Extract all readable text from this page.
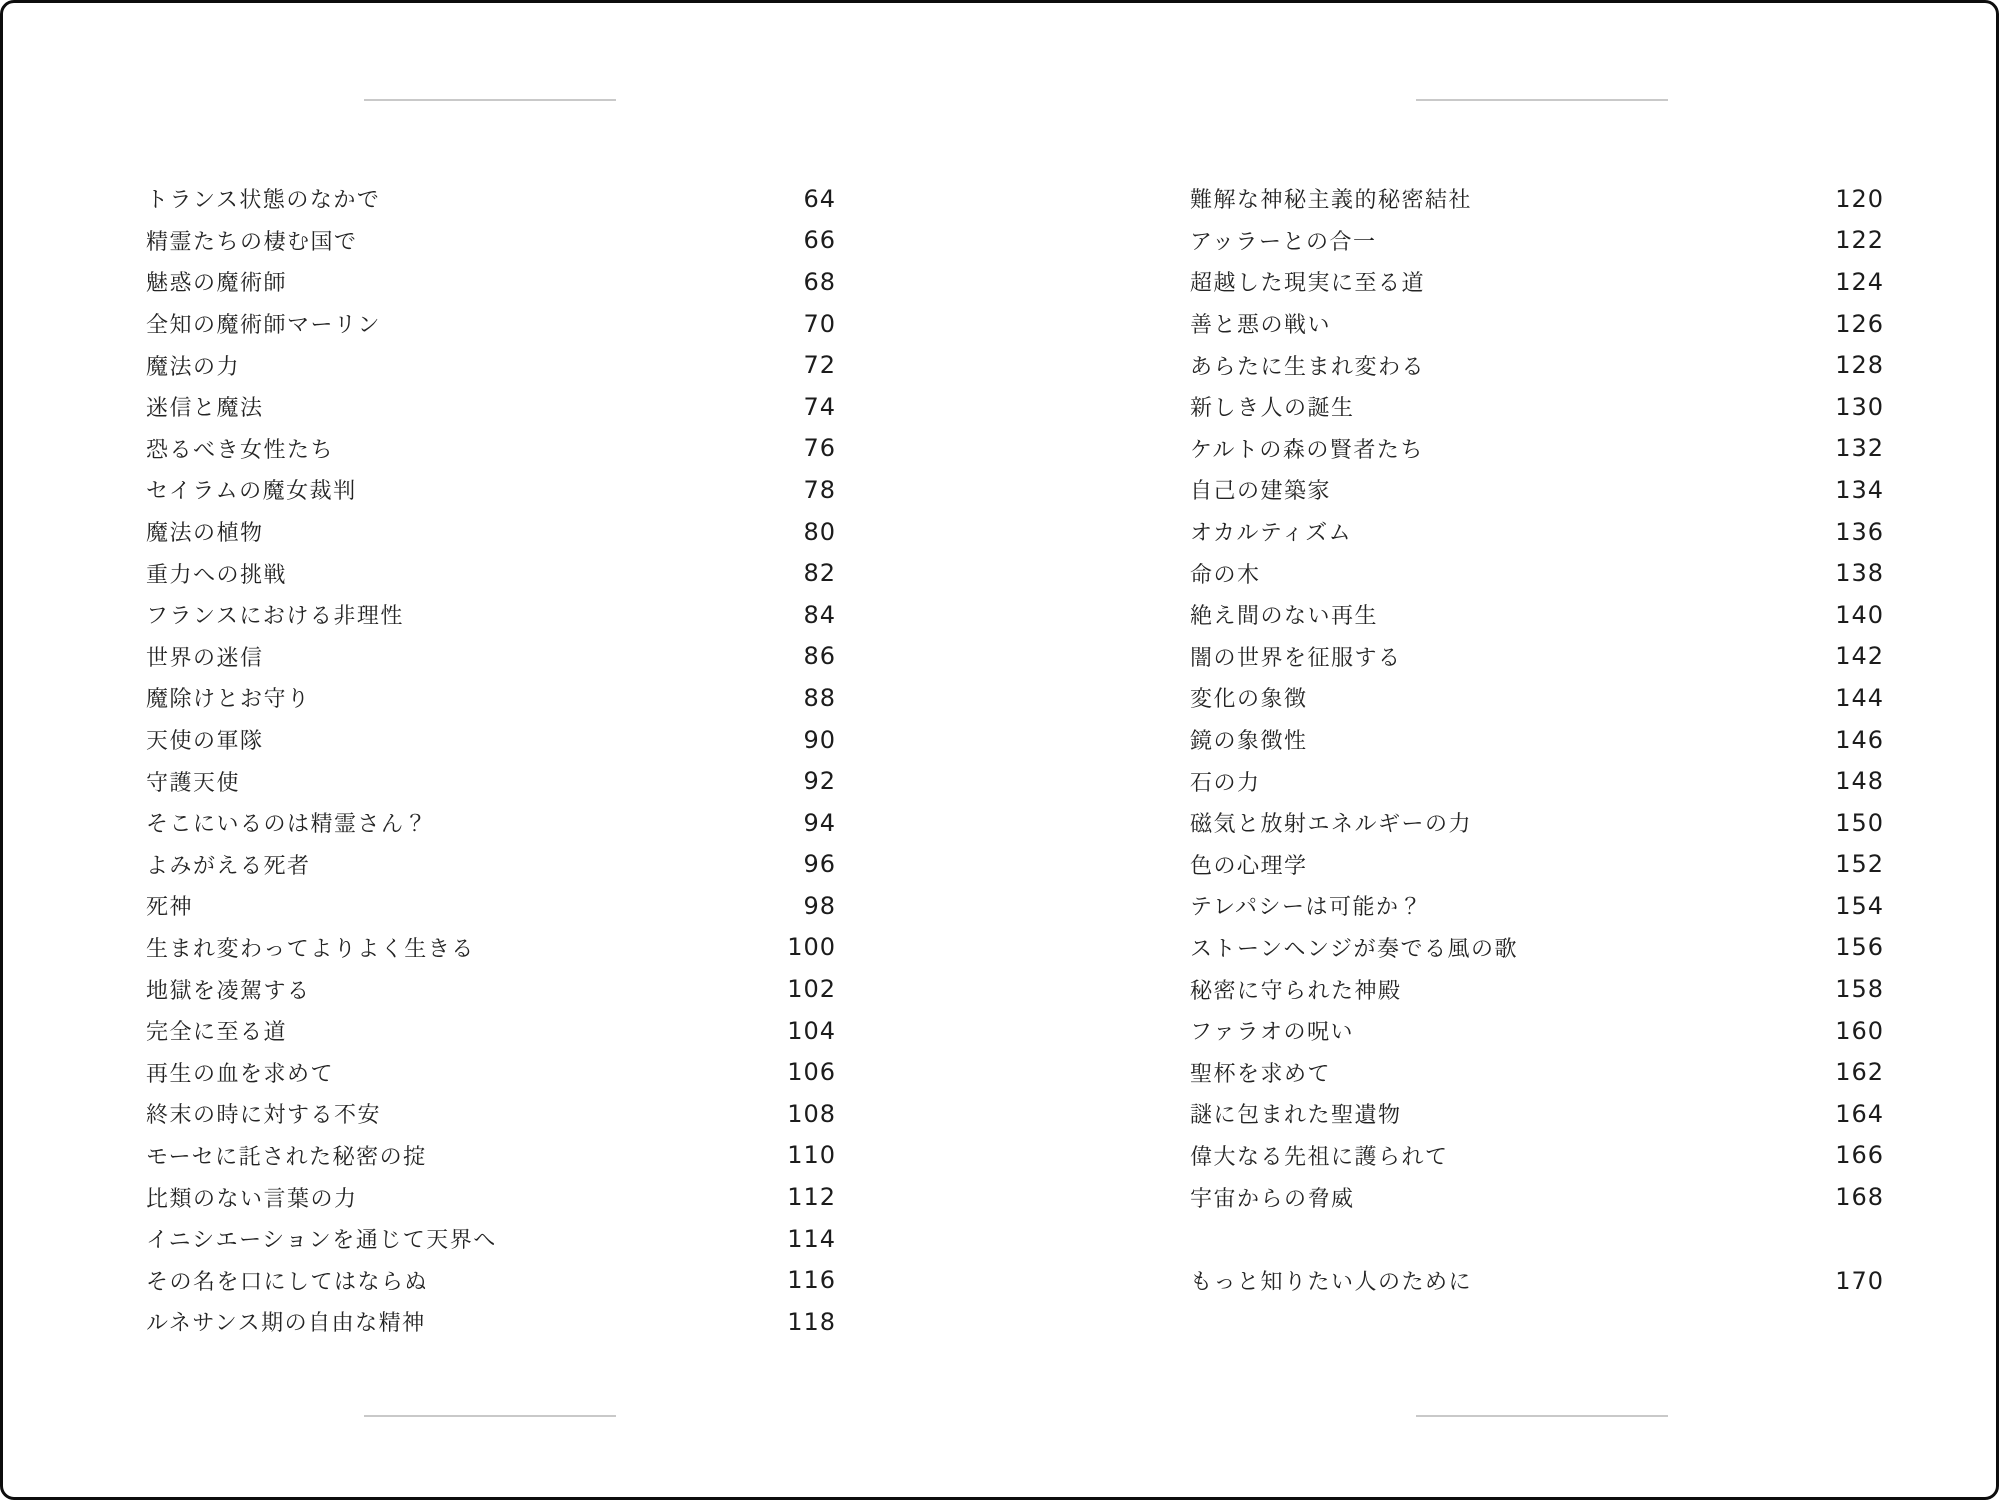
トランス状態のなかで	64
精霊たちの棲む国で	66
魅惑の魔術師	68
全知の魔術師マーリン	70
魔法の力	72
迷信と魔法	74
恐るべき女性たち	76
セイラムの魔女裁判	78
魔法の植物	80
重力への挑戦	82
フランスにおける非理性	84
世界の迷信	86
魔除けとお守り	88
天使の軍隊	90
守護天使	92
そこにいるのは精霊さん？	94
よみがえる死者	96
死神	98
生まれ変わってよりよく生きる	100
地獄を凌駕する	102
完全に至る道	104
再生の血を求めて	106
終末の時に対する不安	108
モーセに託された秘密の掟	110
比類のない言葉の力	112
イニシエーションを通じて天界へ	114
その名を口にしてはならぬ	116
ルネサンス期の自由な精神	118
難解な神秘主義的秘密結社	120
アッラーとの合一	122
超越した現実に至る道	124
善と悪の戦い	126
あらたに生まれ変わる	128
新しき人の誕生	130
ケルトの森の賢者たち	132
自己の建築家	134
オカルティズム	136
命の木	138
絶え間のない再生	140
闇の世界を征服する	142
変化の象徴	144
鏡の象徴性	146
石の力	148
磁気と放射エネルギーの力	150
色の心理学	152
テレパシーは可能か？	154
ストーンヘンジが奏でる風の歌	156
秘密に守られた神殿	158
ファラオの呪い	160
聖杯を求めて	162
謎に包まれた聖遺物	164
偉大なる先祖に護られて	166
宇宙からの脅威	168
もっと知りたい人のために	170
